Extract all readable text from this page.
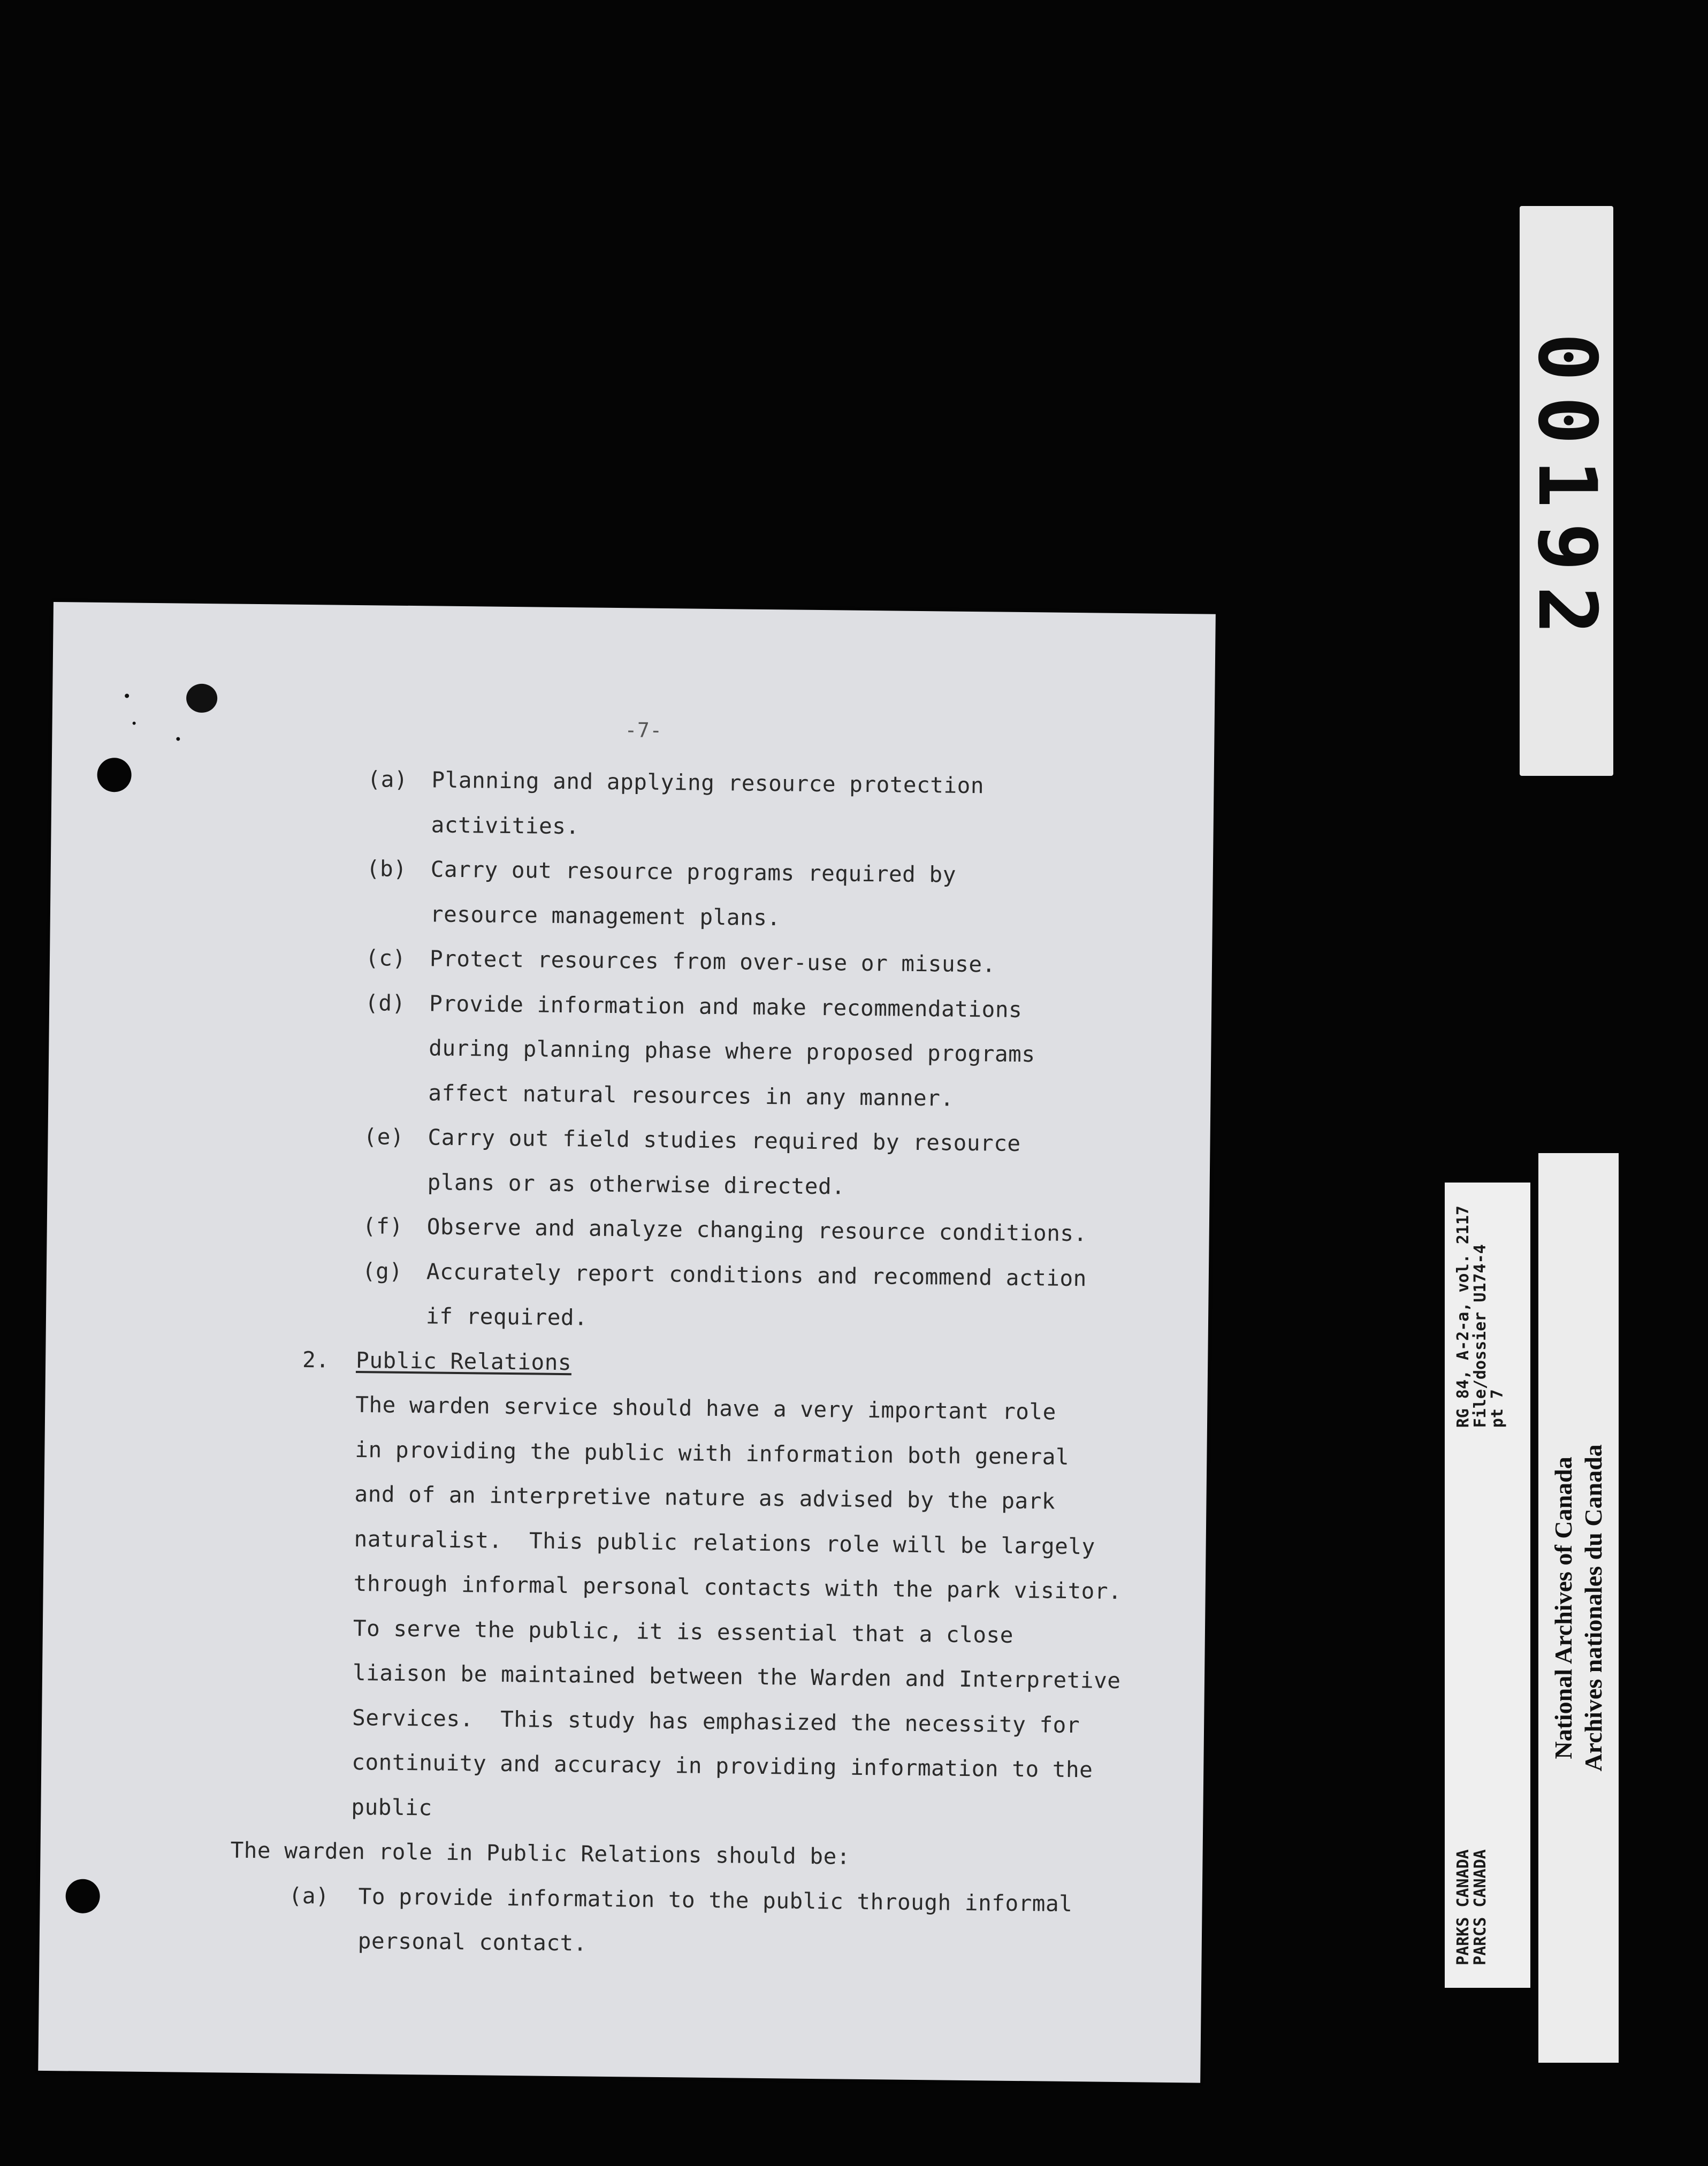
-7-
(a) Planning and applying resource protection
activities.
(b) Carry out resource programs required by
resource management plans.
(c) Protect resources from over-use or misuse.
(d) Provide information and make recommendations
during planning phase where proposed programs
affect natural resources in any manner.
(e) Carry out field studies required by resource
plans or as otherwise directed.
(f) Observe and analyze changing resource conditions.
(g) Accurately report conditions and recommend action
if required.
2. Public Relations
The warden service should have a very important role
in providing the public with information both general
and of an interpretive nature as advised by the park
naturalist.  This public relations role will be largely
through informal personal contacts with the park visitor.
To serve the public, it is essential that a close
liaison be maintained between the Warden and Interpretive
Services.  This study has emphasized the necessity for
continuity and accuracy in providing information to the
public
The warden role in Public Relations should be:
(a) To provide information to the public through informal
personal contact.
00192
PARKS CANADA
PARCS CANADA
RG 84, A-2-a, vol. 2117
File/dossier U174-4
pt 7
National Archives of Canada Archives nationales du Canada
